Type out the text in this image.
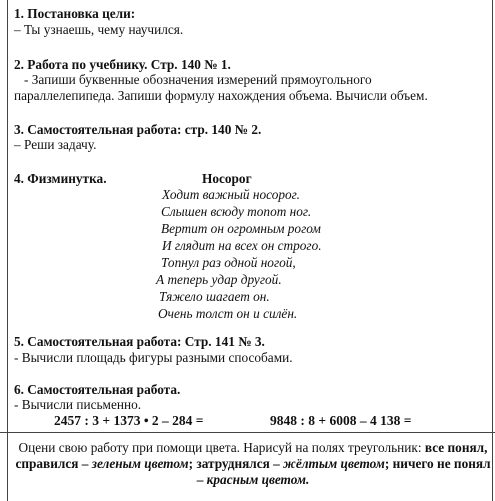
1. Постановка цели:
– Ты узнаешь, чему научился.
2. Работа по учебнику. Стр. 140 № 1.
- Запиши буквенные обозначения измерений прямоугольного
параллелепипеда. Запиши формулу нахождения объема. Вычисли объем.
3. Самостоятельная работа: стр. 140 № 2.
– Реши задачу.
4. Физминутка.	Носорог
Ходит важный носорог.
Слышен всюду топот ног.
Вертит он огромным рогом
И глядит на всех он строго.
Топнул раз одной ногой,
А теперь удар другой.
Тяжело шагает он.
Очень толст он и силён.
5. Самостоятельная работа: Стр. 141 № 3.
- Вычисли площадь фигуры разными способами.
6. Самостоятельная работа.
- Вычисли письменно.
2457 : 3 + 1373 • 2 – 284 =	9848 : 8 + 6008 – 4 138 =
Оцени свою работу при помощи цвета. Нарисуй на полях треугольник: все понял, справился – зеленым цветом; затруднялся – жёлтым цветом; ничего не понял – красным цветом.
